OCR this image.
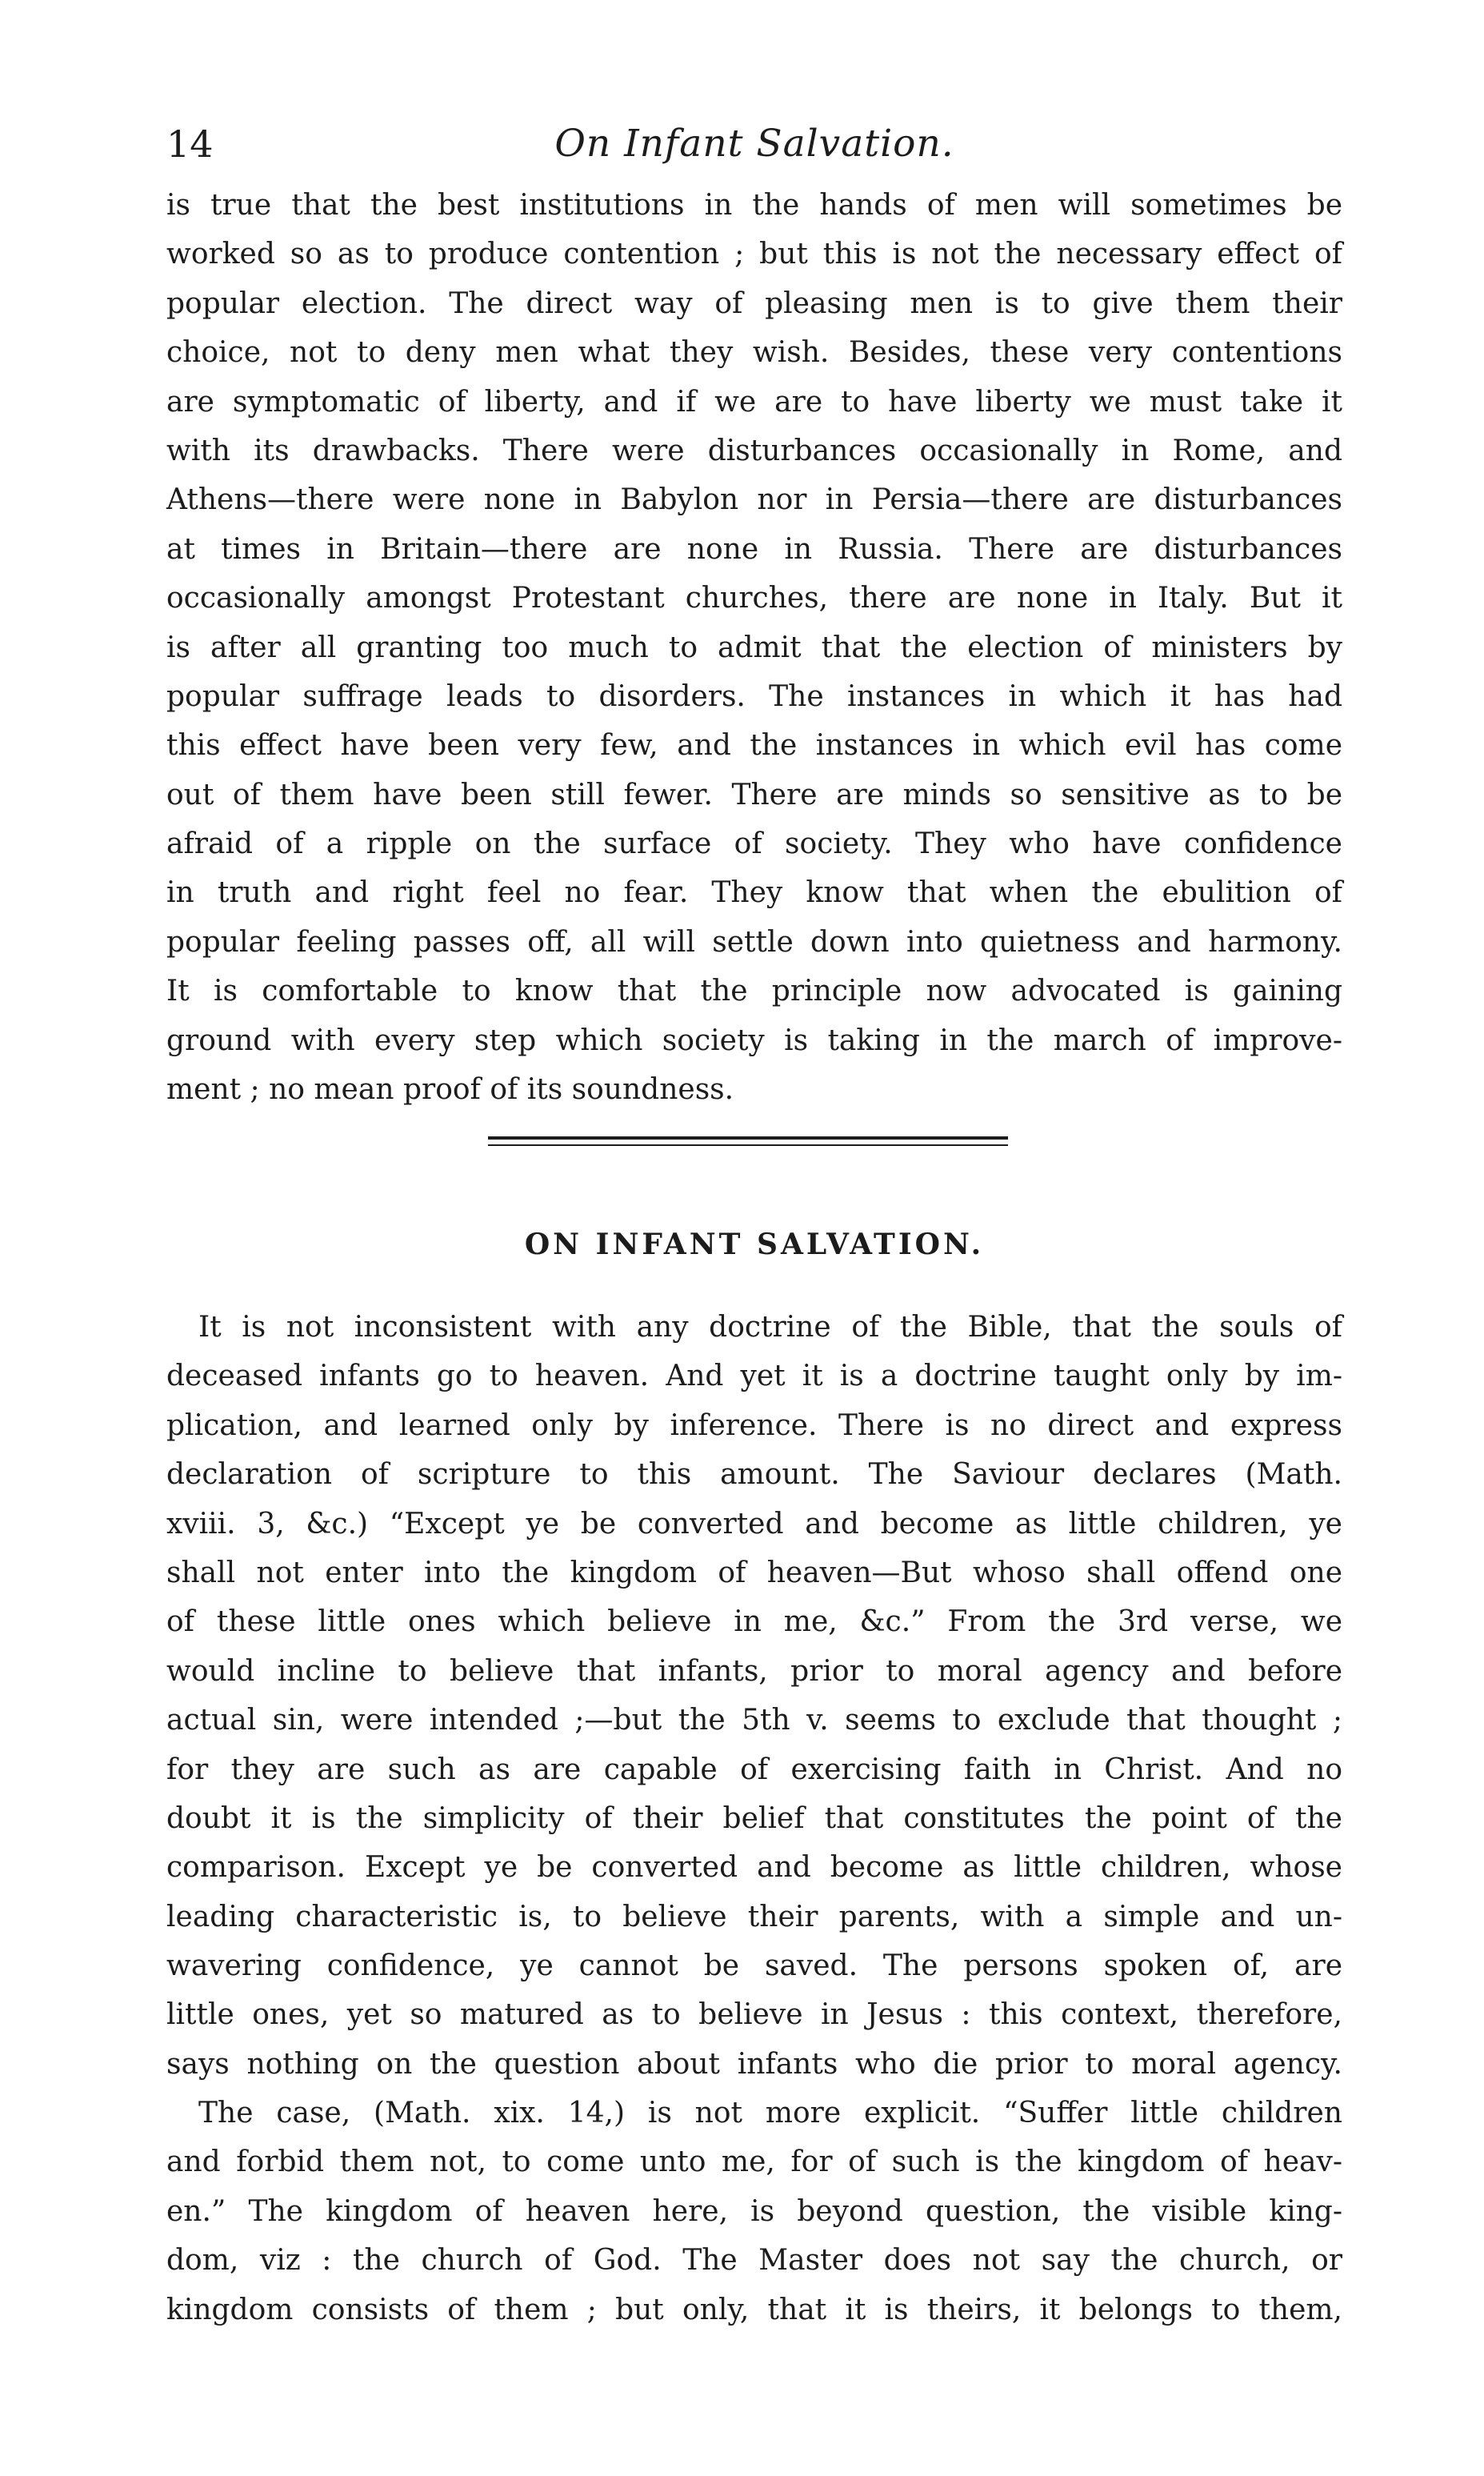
14	On Infant Salvation.
is true that the best institutions in the hands of men will sometimes be
worked so as to produce contention ; but this is not the necessary effect of
popular election. The direct way of pleasing men is to give them their
choice, not to deny men what they wish. Besides, these very contentions
are symptomatic of liberty, and if we are to have liberty we must take it
with its drawbacks. There were disturbances occasionally in Rome, and
Athens—there were none in Babylon nor in Persia—there are disturbances
at times in Britain—there are none in Russia. There are disturbances
occasionally amongst Protestant churches, there are none in Italy. But it
is after all granting too much to admit that the election of ministers by
popular suffrage leads to disorders. The instances in which it has had
this effect have been very few, and the instances in which evil has come
out of them have been still fewer. There are minds so sensitive as to be
afraid of a ripple on the surface of society. They who have confidence
in truth and right feel no fear. They know that when the ebulition of
popular feeling passes off, all will settle down into quietness and harmony.
It is comfortable to know that the principle now advocated is gaining
ground with every step which society is taking in the march of improve-
ment ; no mean proof of its soundness.
ON INFANT SALVATION.
It is not inconsistent with any doctrine of the Bible, that the souls of
deceased infants go to heaven. And yet it is a doctrine taught only by im-
plication, and learned only by inference. There is no direct and express
declaration of scripture to this amount. The Saviour declares (Math.
xviii. 3, &c.) “Except ye be converted and become as little children, ye
shall not enter into the kingdom of heaven—But whoso shall offend one
of these little ones which believe in me, &c.” From the 3rd verse, we
would incline to believe that infants, prior to moral agency and before
actual sin, were intended ;—but the 5th v. seems to exclude that thought ;
for they are such as are capable of exercising faith in Christ. And no
doubt it is the simplicity of their belief that constitutes the point of the
comparison. Except ye be converted and become as little children, whose
leading characteristic is, to believe their parents, with a simple and un-
wavering confidence, ye cannot be saved. The persons spoken of, are
little ones, yet so matured as to believe in Jesus : this context, therefore,
says nothing on the question about infants who die prior to moral agency.
The case, (Math. xix. 14,) is not more explicit. “Suffer little children
and forbid them not, to come unto me, for of such is the kingdom of heav-
en.” The kingdom of heaven here, is beyond question, the visible king-
dom, viz : the church of God. The Master does not say the church, or
kingdom consists of them ; but only, that it is theirs, it belongs to them,
